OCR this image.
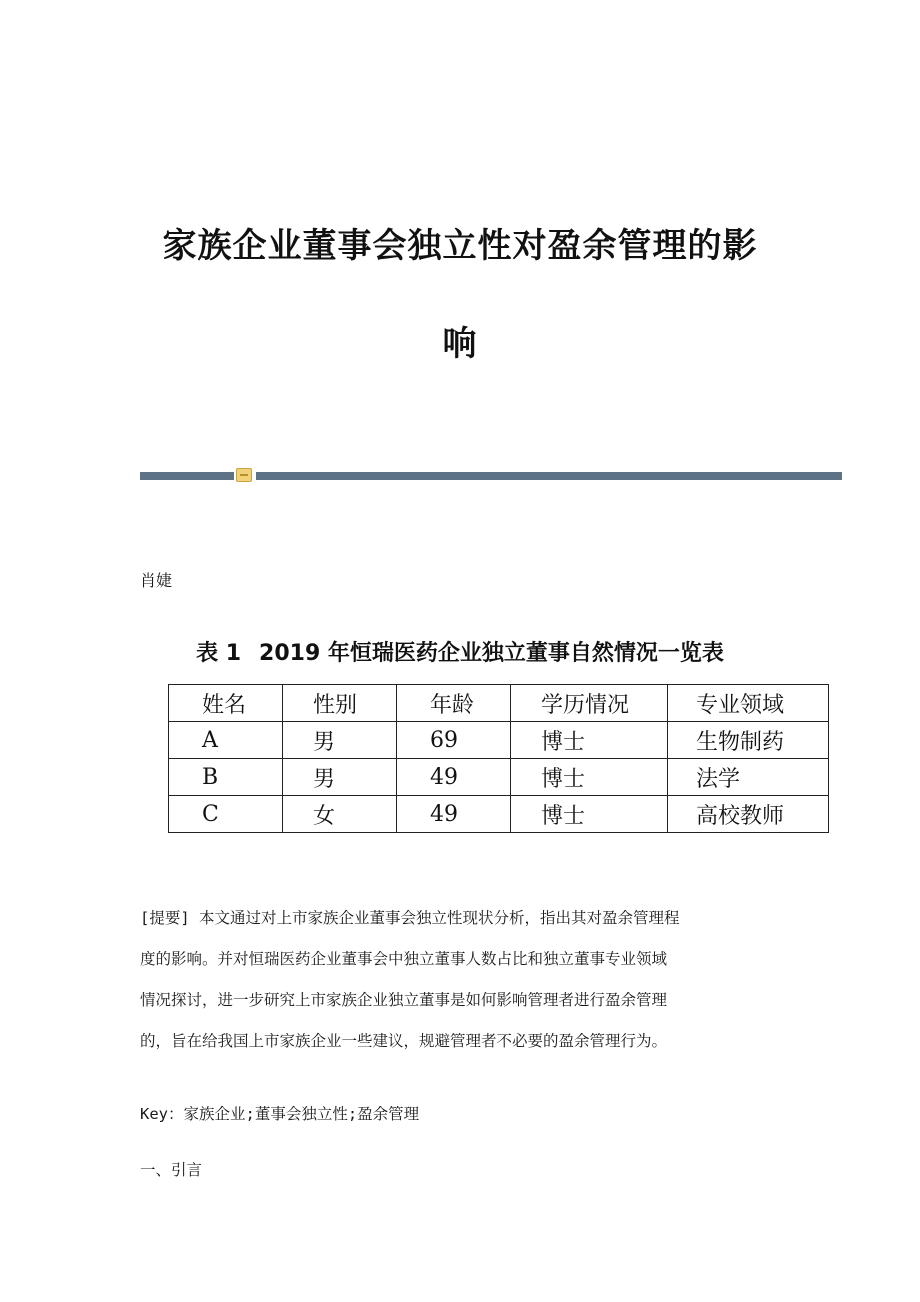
家族企业董事会独立性对盈余管理的影
响
肖婕
表 1 2019 年恒瑞医药企业独立董事自然情况一览表
姓名	性别	年龄	学历情况	专业领域
A	男	69	博士	生物制药
B	男	49	博士	法学
C	女	49	博士	高校教师

[提要] 本文通过对上市家族企业董事会独立性现状分析，指出其对盈余管理程

度的影响。并对恒瑞医药企业董事会中独立董事人数占比和独立董事专业领域

情况探讨，进一步研究上市家族企业独立董事是如何影响管理者进行盈余管理

的，旨在给我国上市家族企业一些建议，规避管理者不必要的盈余管理行为。

Key：家族企业;董事会独立性;盈余管理
一、引言
